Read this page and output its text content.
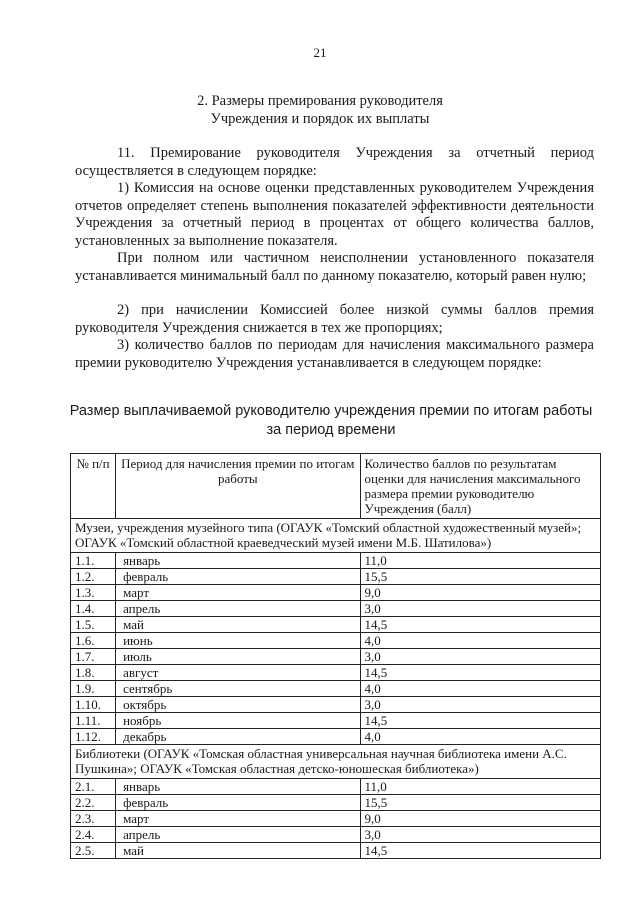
21
2. Размеры премирования руководителя
Учреждения и порядок их выплаты

11. Премирование руководителя Учреждения за отчетный период осуществляется в следующем порядке:

1) Комиссия на основе оценки представленных руководителем Учреждения отчетов определяет степень выполнения показателей эффективности деятельности Учреждения за отчетный период в процентах от общего количества баллов, установленных за выполнение показателя.

При полном или частичном неисполнении установленного показателя устанавливается минимальный балл по данному показателю, который равен нулю;

2) при начислении Комиссией более низкой суммы баллов премия руководителя Учреждения снижается в тех же пропорциях;

3) количество баллов по периодам для начисления максимального размера премии руководителю Учреждения устанавливается в следующем порядке:

Размер выплачиваемой руководителю учреждения премии по итогам работы за период времени
№ п/п	Период для начисления премии по итогам работы	Количество баллов по результатам оценки для начисления максимального размера премии руководителю Учреждения (балл)
Музеи, учреждения музейного типа (ОГАУК «Томский областной художественный музей»; ОГАУК «Томский областной краеведческий музей имени М.Б. Шатилова»)		
1.1.	январь	11,0
1.2.	февраль	15,5
1.3.	март	9,0
1.4.	апрель	3,0
1.5.	май	14,5
1.6.	июнь	4,0
1.7.	июль	3,0
1.8.	август	14,5
1.9.	сентябрь	4,0
1.10.	октябрь	3,0
1.11.	ноябрь	14,5
1.12.	декабрь	4,0
Библиотеки (ОГАУК «Томская областная универсальная научная библиотека имени А.С. Пушкина»; ОГАУК «Томская областная детско-юношеская библиотека»)		
2.1.	январь	11,0
2.2.	февраль	15,5
2.3.	март	9,0
2.4.	апрель	3,0
2.5.	май	14,5
